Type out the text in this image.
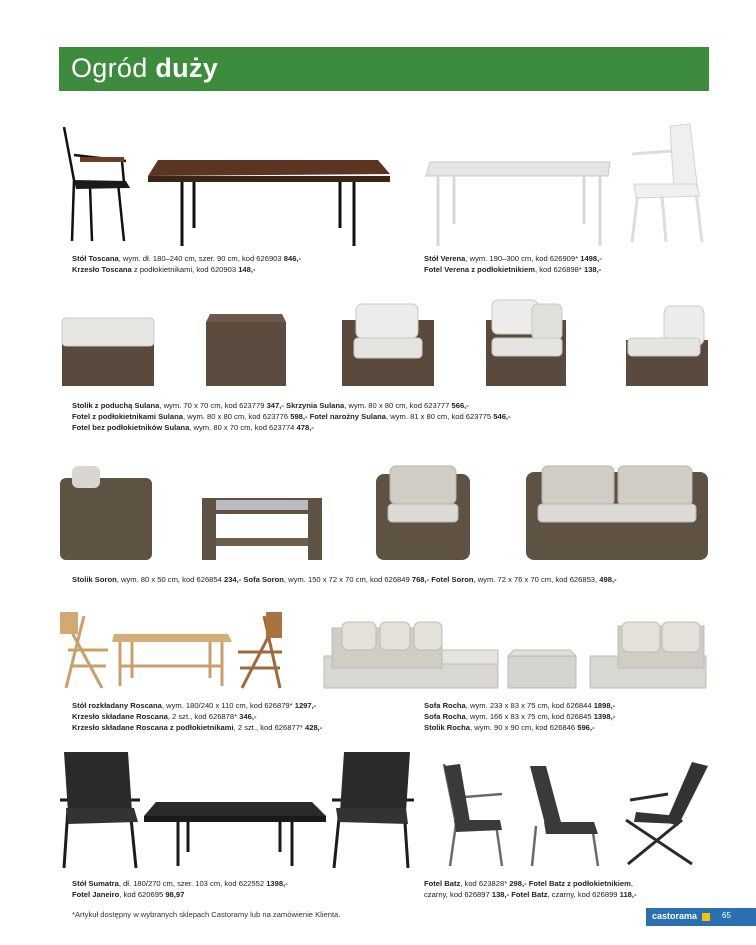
Ogród duży
Stół Toscana, wym. dł. 180–240 cm, szer. 90 cm, kod 626903 846,-
Krzesło Toscana z podłokietnikami, kod 620903 148,-
Stół Verena, wym. 190–300 cm, kod 626909* 1498,-
Fotel Verena z podłokietnikiem, kod 626898* 138,-
Stolik z poduchą Sulana, wym. 70 x 70 cm, kod 623779 347,- Skrzynia Sulana, wym. 80 x 80 cm, kod 623777 566,-
Fotel z podłokietnikami Sulana, wym. 80 x 80 cm, kod 623776 598,- Fotel narożny Sulana, wym. 81 x 80 cm, kod 623775 546,-
Fotel bez podłokietników Sulana, wym. 80 x 70 cm, kod 623774 478,-
Stolik Soron, wym. 80 x 50 cm, kod 626854 234,- Sofa Soron, wym. 150 x 72 x 70 cm, kod 626849 768,- Fotel Soron, wym. 72 x 76 x 70 cm, kod 626853, 498,-
Stół rozkładany Roscana, wym. 180/240 x 110 cm, kod 626879* 1297,-
Krzesło składane Roscana, 2 szt., kod 626878* 346,-
Krzesło składane Roscana z podłokietnikami, 2 szt., kod 626877* 428,-
Sofa Rocha, wym. 233 x 83 x 75 cm, kod 626844 1898,-
Sofa Rocha, wym. 166 x 83 x 75 cm, kod 626845 1398,-
Stolik Rocha, wym. 90 x 90 cm, kod 626846 596,-
Stół Sumatra, dł. 180/270 cm, szer. 103 cm, kod 622552 1398,-
Fotel Janeiro, kod 620695 98,97
Fotel Batz, kod 623828* 298,- Fotel Batz z podłokietnikiem,
czarny, kod 626897 138,- Fotel Batz, czarny, kod 626899 118,-
*Artykuł dostępny w wybranych sklepach Castoramy lub na zamówienie Klienta.	castorama	65
